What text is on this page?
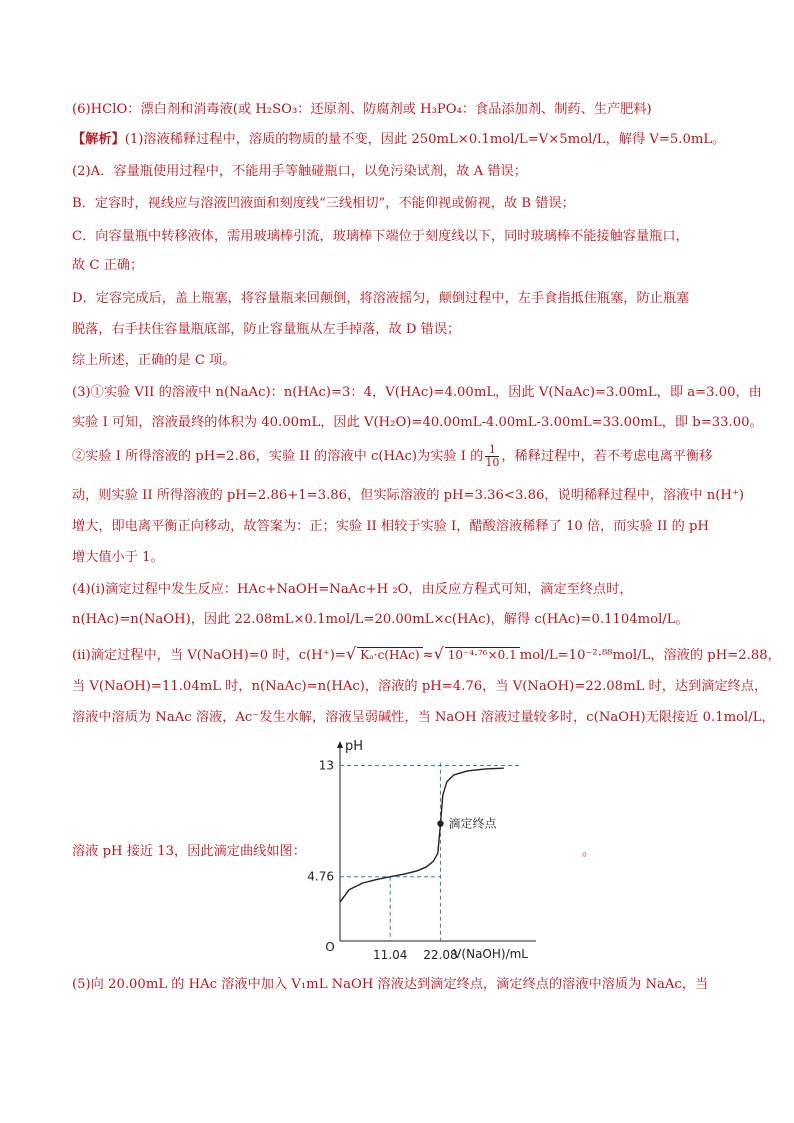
(6)HClO：漂白剂和消毒液(或 H₂SO₃：还原剂、防腐剂或 H₃PO₄：食品添加剂、制药、生产肥料)
【解析】(1)溶液稀释过程中，溶质的物质的量不变，因此 250mL×0.1mol/L=V×5mol/L，解得 V=5.0mL。
(2)A．容量瓶使用过程中，不能用手等触碰瓶口，以免污染试剂，故 A 错误；
B．定容时，视线应与溶液凹液面和刻度线“三线相切”，不能仰视或俯视，故 B 错误；
C．向容量瓶中转移液体，需用玻璃棒引流，玻璃棒下端位于刻度线以下，同时玻璃棒不能接触容量瓶口，
故 C 正确；
D．定容完成后，盖上瓶塞，将容量瓶来回颠倒，将溶液摇匀，颠倒过程中，左手食指抵住瓶塞，防止瓶塞
脱落，右手扶住容量瓶底部，防止容量瓶从左手掉落，故 D 错误；
综上所述，正确的是 C 项。
(3)①实验 VII 的溶液中 n(NaAc)：n(HAc)=3：4，V(HAc)=4.00mL，因此 V(NaAc)=3.00mL，即 a=3.00，由
实验 I 可知，溶液最终的体积为 40.00mL，因此 V(H₂O)=40.00mL-4.00mL-3.00mL=33.00mL，即 b=33.00。
②实验 I 所得溶液的 pH=2.86，实验 II 的溶液中 c(HAc)为实验 I 的 $\frac{1}{10}$ ，稀释过程中，若不考虑电离平衡移
动，则实验 II 所得溶液的 pH=2.86+1=3.86，但实际溶液的 pH=3.36<3.86，说明稀释过程中，溶液中 n(H⁺)
增大，即电离平衡正向移动，故答案为：正；实验 II 相较于实验 I，醋酸溶液稀释了 10 倍，而实验 II 的 pH
增大值小于 1。
(4)(i)滴定过程中发生反应：HAc+NaOH=NaAc+H ₂O，由反应方程式可知，滴定至终点时，
n(HAc)=n(NaOH)，因此 22.08mL×0.1mol/L=20.00mL×c(HAc)，解得 c(HAc)=0.1104mol/L。
(ii)滴定过程中，当 V(NaOH)=0 时，c(H⁺)=√ Kₐ·c(HAc) ≈√ 10⁻⁴·⁷⁶×0.1 mol/L=10⁻²·⁸⁸mol/L，溶液的 pH=2.88，
当 V(NaOH)=11.04mL 时，n(NaAc)=n(HAc)，溶液的 pH=4.76，当 V(NaOH)=22.08mL 时，达到滴定终点，
溶液中溶质为 NaAc 溶液，Ac⁻发生水解，溶液呈弱碱性，当 NaOH 溶液过量较多时，c(NaOH)无限接近 0.1mol/L，
溶液 pH 接近 13，因此滴定曲线如图：	。
pH
V(NaOH)/mL
O
13
4.76
11.04 22.08
滴定终点
(5)向 20.00mL 的 HAc 溶液中加入 V₁mL NaOH 溶液达到滴定终点，滴定终点的溶液中溶质为 NaAc，当
